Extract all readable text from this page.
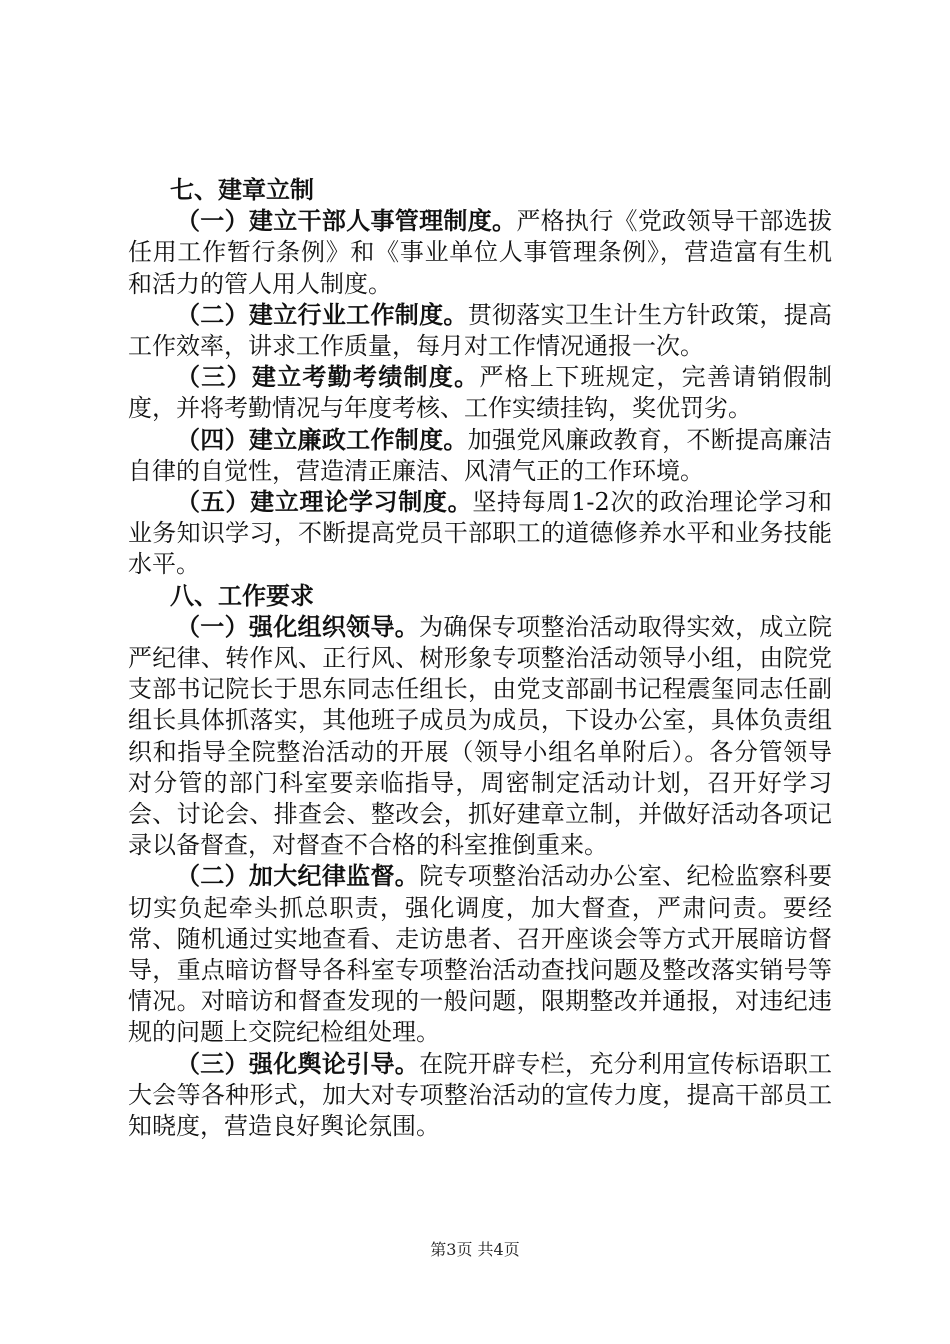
七、建章立制

（一）建立干部人事管理制度。严格执行《党政领导干部选拔任用工作暂行条例》和《事业单位人事管理条例》，营造富有生机和活力的管人用人制度。

（二）建立行业工作制度。贯彻落实卫生计生方针政策，提高工作效率，讲求工作质量，每月对工作情况通报一次。

（三）建立考勤考绩制度。严格上下班规定，完善请销假制度，并将考勤情况与年度考核、工作实绩挂钩，奖优罚劣。

（四）建立廉政工作制度。加强党风廉政教育，不断提高廉洁自律的自觉性，营造清正廉洁、风清气正的工作环境。

（五）建立理论学习制度。坚持每周1-2次的政治理论学习和业务知识学习，不断提高党员干部职工的道德修养水平和业务技能水平。

八、工作要求

（一）强化组织领导。为确保专项整治活动取得实效，成立院严纪律、转作风、正行风、树形象专项整治活动领导小组，由院党支部书记院长于思东同志任组长，由党支部副书记程震玺同志任副组长具体抓落实，其他班子成员为成员，下设办公室，具体负责组织和指导全院整治活动的开展（领导小组名单附后）。各分管领导对分管的部门科室要亲临指导，周密制定活动计划，召开好学习会、讨论会、排查会、整改会，抓好建章立制，并做好活动各项记录以备督查，对督查不合格的科室推倒重来。

（二）加大纪律监督。院专项整治活动办公室、纪检监察科要切实负起牵头抓总职责，强化调度，加大督查，严肃问责。要经常、随机通过实地查看、走访患者、召开座谈会等方式开展暗访督导，重点暗访督导各科室专项整治活动查找问题及整改落实销号等情况。对暗访和督查发现的一般问题，限期整改并通报，对违纪违规的问题上交院纪检组处理。

（三）强化舆论引导。在院开辟专栏，充分利用宣传标语职工大会等各种形式，加大对专项整治活动的宣传力度，提高干部员工知晓度，营造良好舆论氛围。

第3页 共4页
